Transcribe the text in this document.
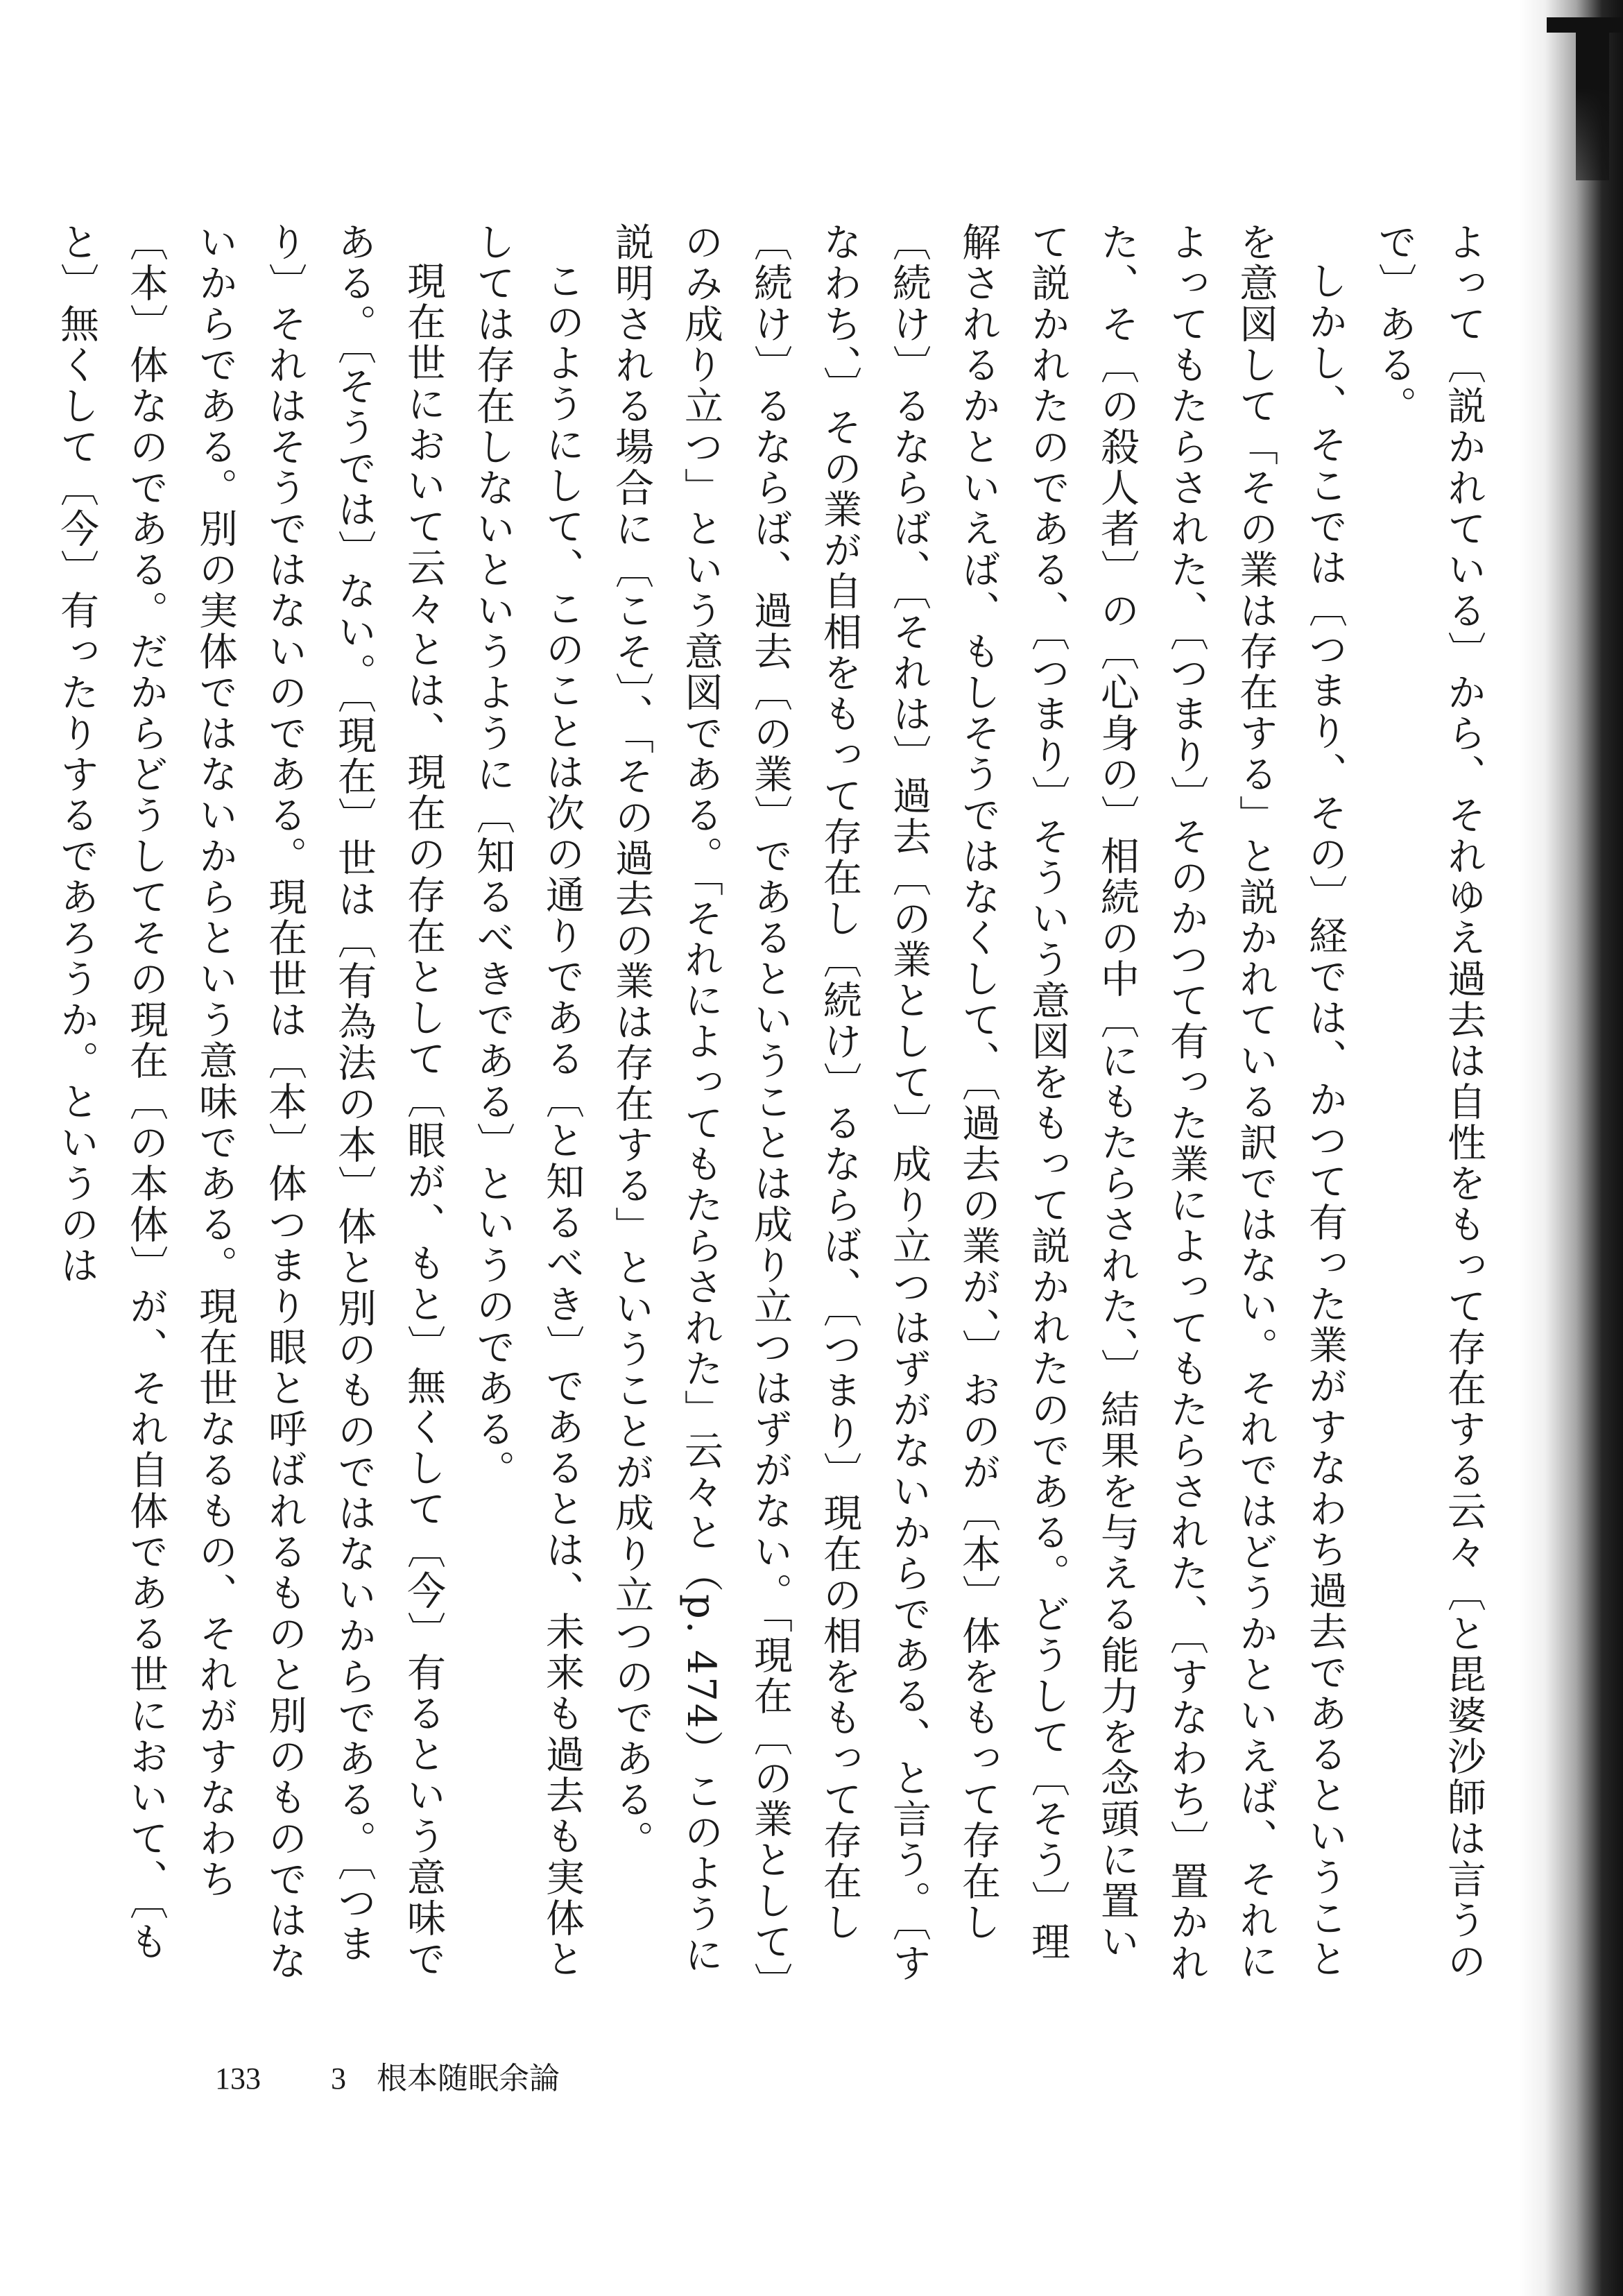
よって〔説かれている〕から、それゆえ過去は自性をもって存在する云々〔と毘婆沙師は言うので〕ある。

しかし、そこでは〔つまり、その〕経では、かつて有った業がすなわち過去であるということを意図して「その業は存在する」と説かれている訳ではない。それではどうかといえば、それによってもたらされた、〔つまり〕そのかつて有った業によってもたらされた、〔すなわち〕置かれた、そ〔の殺人者〕の〔心身の〕相続の中〔にもたらされた、〕結果を与える能力を念頭に置いて説かれたのである、〔つまり〕そういう意図をもって説かれたのである。どうして〔そう〕理解されるかといえば、もしそうではなくして、〔過去の業が、〕おのが〔本〕体をもって存在し〔続け〕るならば、〔それは〕過去〔の業として〕成り立つはずがないからである、と言う。〔すなわち、〕その業が自相をもって存在し〔続け〕るならば、〔つまり〕現在の相をもって存在し〔続け〕るならば、過去〔の業〕であるということは成り立つはずがない。「現在〔の業として〕のみ成り立つ」という意図である。「それによってもたらされた」云々と（p. 474）このように説明される場合に〔こそ〕、「その過去の業は存在する」ということが成り立つのである。

このようにして、このことは次の通りである〔と知るべき〕であるとは、未来も過去も実体としては存在しないというように〔知るべきである〕というのである。

現在世において云々とは、現在の存在として〔眼が、もと〕無くして〔今〕有るという意味である。〔そうでは〕ない。〔現在〕世は〔有為法の本〕体と別のものではないからである。〔つまり〕それはそうではないのである。現在世は〔本〕体つまり眼と呼ばれるものと別のものではないからである。別の実体ではないからという意味である。現在世なるもの、それがすなわち〔本〕体なのである。だからどうしてその現在〔の本体〕が、それ自体である世において、〔もと〕無くして〔今〕有ったりするであろうか。というのは

133 3　根本随眠余論
